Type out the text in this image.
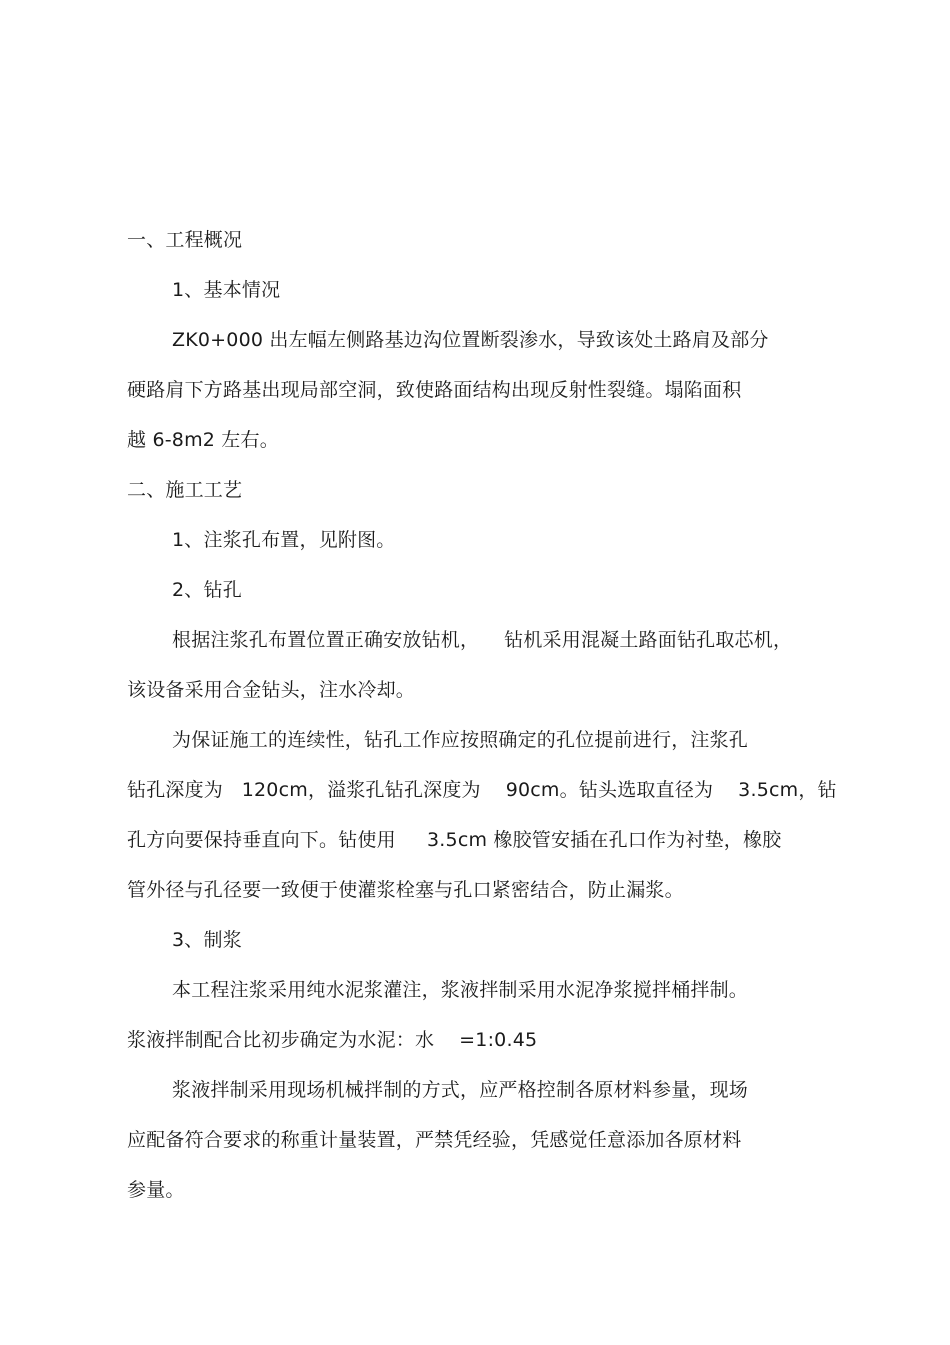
一、工程概况
1、基本情况
ZK0+000 出左幅左侧路基边沟位置断裂渗水，导致该处土路肩及部分
硬路肩下方路基出现局部空洞，致使路面结构出现反射性裂缝。塌陷面积
越 6-8m2 左右。
二、施工工艺
1、注浆孔布置，见附图。
2、钻孔
根据注浆孔布置位置正确安放钻机，    钻机采用混凝土路面钻孔取芯机，
该设备采用合金钻头，注水冷却。
为保证施工的连续性，钻孔工作应按照确定的孔位提前进行，注浆孔
钻孔深度为   120cm，溢浆孔钻孔深度为    90cm。钻头选取直径为    3.5cm，钻
孔方向要保持垂直向下。钻使用     3.5cm 橡胶管安插在孔口作为衬垫，橡胶
管外径与孔径要一致便于使灌浆栓塞与孔口紧密结合，防止漏浆。
3、制浆
本工程注浆采用纯水泥浆灌注，浆液拌制采用水泥净浆搅拌桶拌制。
浆液拌制配合比初步确定为水泥：水    =1:0.45
浆液拌制采用现场机械拌制的方式，应严格控制各原材料参量，现场
应配备符合要求的称重计量装置，严禁凭经验，凭感觉任意添加各原材料
参量。
